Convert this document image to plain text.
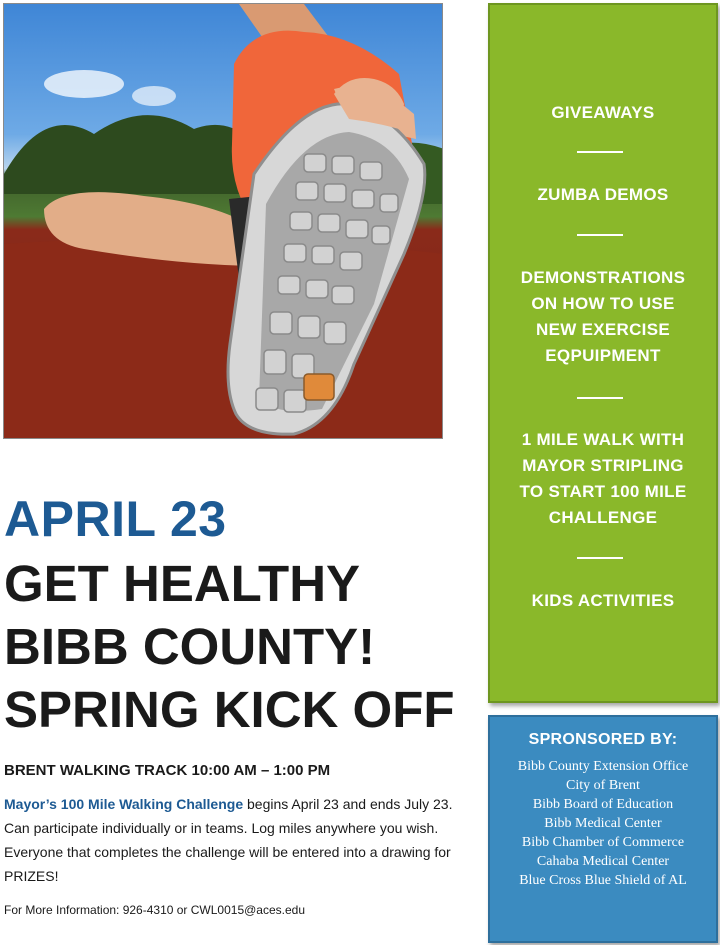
GIVEAWAYS
ZUMBA DEMOS
DEMONSTRATIONS
ON HOW TO USE
NEW EXERCISE
EQPUIPMENT
1 MILE WALK WITH
MAYOR STRIPLING
TO START 100 MILE
CHALLENGE
KIDS ACTIVITIES
SPRONSORED BY:
Bibb County Extension Office
City of Brent
Bibb Board of Education
Bibb Medical Center
Bibb Chamber of Commerce
Cahaba Medical Center
Blue Cross Blue Shield of AL
APRIL 23
GET HEALTHY
BIBB COUNTY!
SPRING KICK OFF
BRENT WALKING TRACK 10:00 AM – 1:00 PM
Mayor’s 100 Mile Walking Challenge begins April 23 and ends July 23. Can participate individually or in teams. Log miles anywhere you wish. Everyone that completes the challenge will be entered into a drawing for PRIZES!
For More Information: 926-4310 or CWL0015@aces.edu
